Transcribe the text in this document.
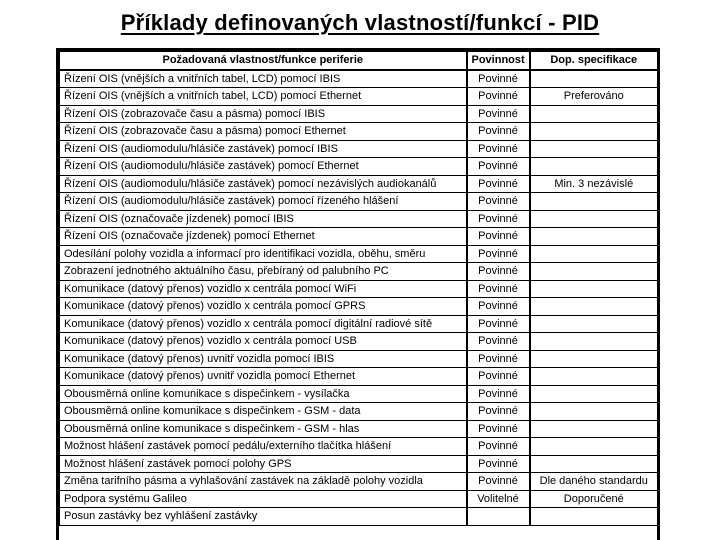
Příklady definovaných vlastností/funkcí - PID
Požadovaná vlastnost/funkce periferie	Povinnost	Dop. specifikace
Řízení OIS (vnějších a vnitřních tabel, LCD) pomocí IBIS	Povinné	
Řízení OIS (vnějších a vnitřních tabel, LCD) pomocí Ethernet	Povinné	Preferováno
Řízení OIS (zobrazovače času a pásma) pomocí IBIS	Povinné	
Řízení OIS (zobrazovače času a pásma) pomocí Ethernet	Povinné	
Řízení OIS (audiomodulu/hlásiče zastávek) pomocí IBIS	Povinné	
Řízení OIS (audiomodulu/hlásiče zastávek) pomocí Ethernet	Povinné	
Řízení OIS (audiomodulu/hlásiče zastávek) pomocí nezávislých audiokanálů	Povinné	Min. 3 nezávislé
Řízení OIS (audiomodulu/hlásiče zastávek) pomocí řízeného hlášení	Povinné	
Řízení OIS (označovače jízdenek) pomocí IBIS	Povinné	
Řízení OIS (označovače jízdenek) pomocí Ethernet	Povinné	
Odesílání polohy vozidla a informací pro identifikaci vozidla, oběhu, směru	Povinné	
Zobrazení jednotného aktuálního času, přebíraný od palubního PC	Povinné	
Komunikace (datový přenos) vozidlo x centrála pomocí WiFi	Povinné	
Komunikace (datový přenos) vozidlo x centrála pomocí GPRS	Povinné	
Komunikace (datový přenos) vozidlo x centrála pomocí digitální radiové sítě	Povinné	
Komunikace (datový přenos) vozidlo x centrála pomocí USB	Povinné	
Komunikace (datový přenos) uvnitř vozidla pomocí IBIS	Povinné	
Komunikace (datový přenos) uvnitř vozidla pomocí Ethernet	Povinné	
Obousměrná online komunikace s dispečinkem - vysílačka	Povinné	
Obousměrná online komunikace s dispečinkem - GSM - data	Povinné	
Obousměrná online komunikace s dispečinkem - GSM - hlas	Povinné	
Možnost hlášení zastávek pomocí pedálu/externího tlačítka hlášení	Povinné	
Možnost hlášení zastávek pomocí polohy GPS	Povinné	
Změna tarifního pásma a vyhlašování zastávek na základě polohy vozidla	Povinné	Dle daného standardu
Podpora systému Galileo	Volitelné	Doporučené
Posun zastávky bez vyhlášení zastávky		
